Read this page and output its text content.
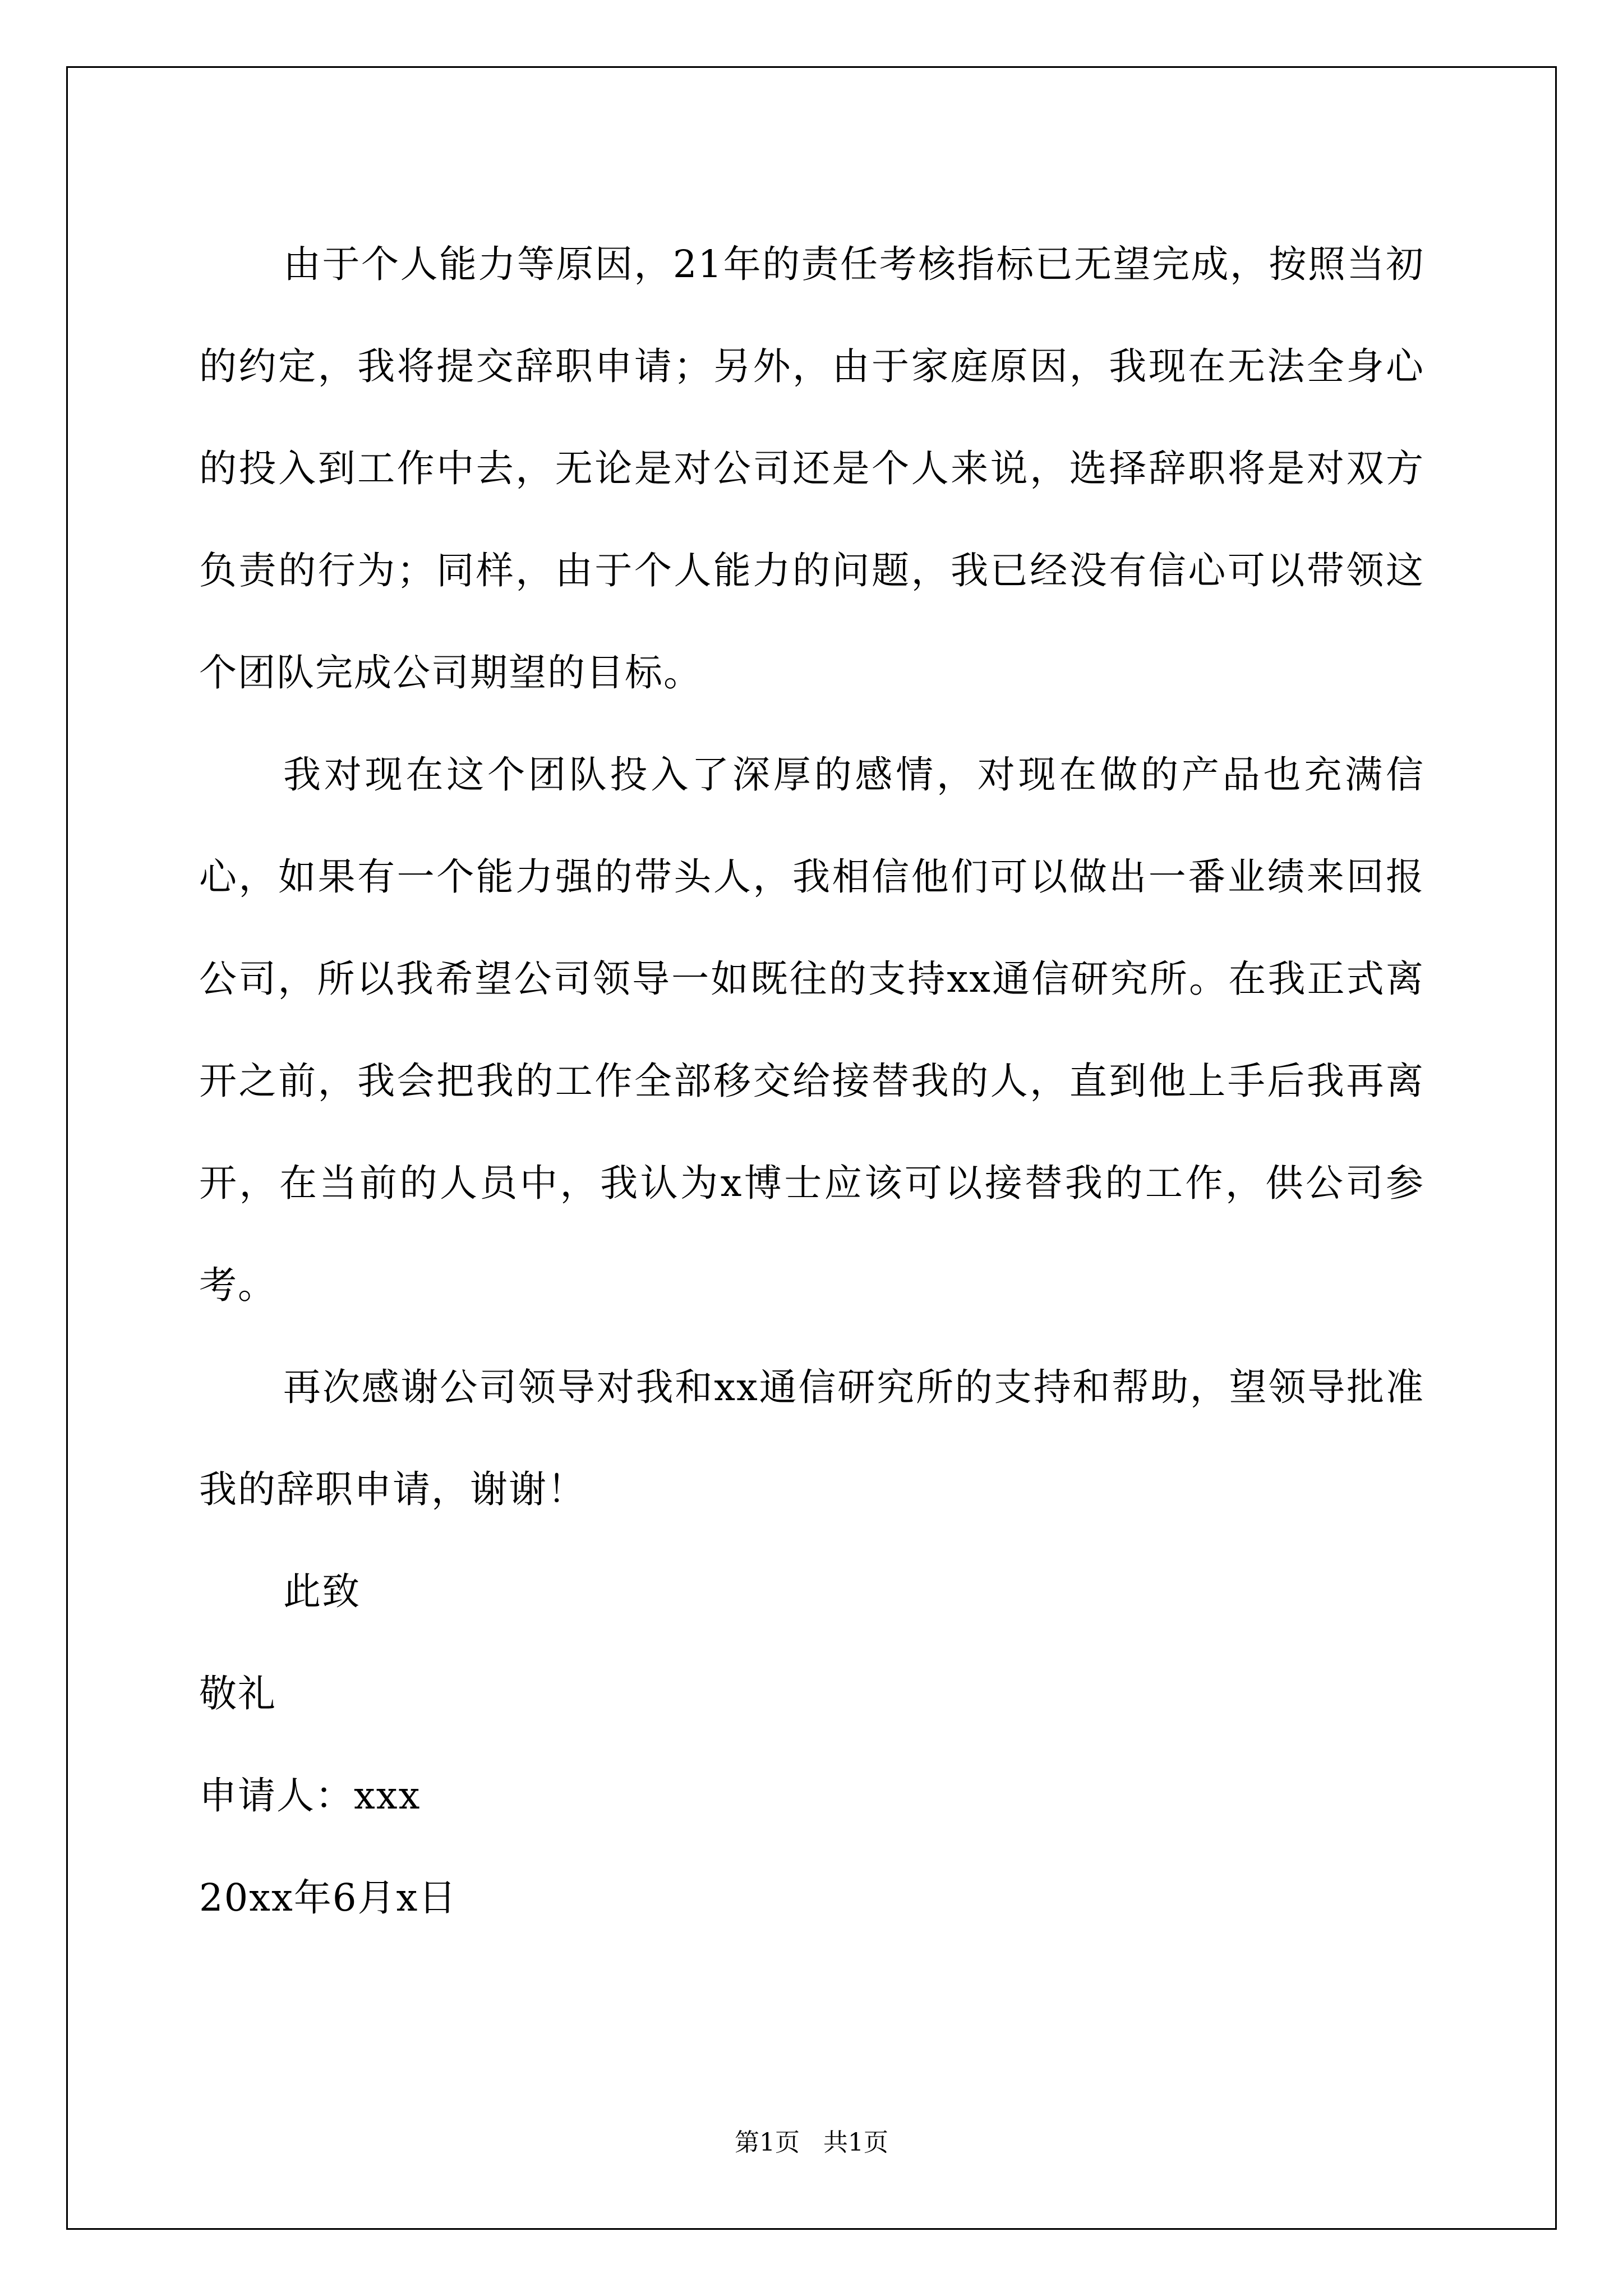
由于个人能力等原因，21年的责任考核指标已无望完成，按照当初的约定，我将提交辞职申请；另外，由于家庭原因，我现在无法全身心的投入到工作中去，无论是对公司还是个人来说，选择辞职将是对双方负责的行为；同样，由于个人能力的问题，我已经没有信心可以带领这个团队完成公司期望的目标。

我对现在这个团队投入了深厚的感情，对现在做的产品也充满信心，如果有一个能力强的带头人，我相信他们可以做出一番业绩来回报公司，所以我希望公司领导一如既往的支持xx通信研究所。在我正式离开之前，我会把我的工作全部移交给接替我的人，直到他上手后我再离开，在当前的人员中，我认为x博士应该可以接替我的工作，供公司参考。

再次感谢公司领导对我和xx通信研究所的支持和帮助，望领导批准我的辞职申请，谢谢！

此致

敬礼

申请人：xxx

20xx年6月x日

第1页   共1页
